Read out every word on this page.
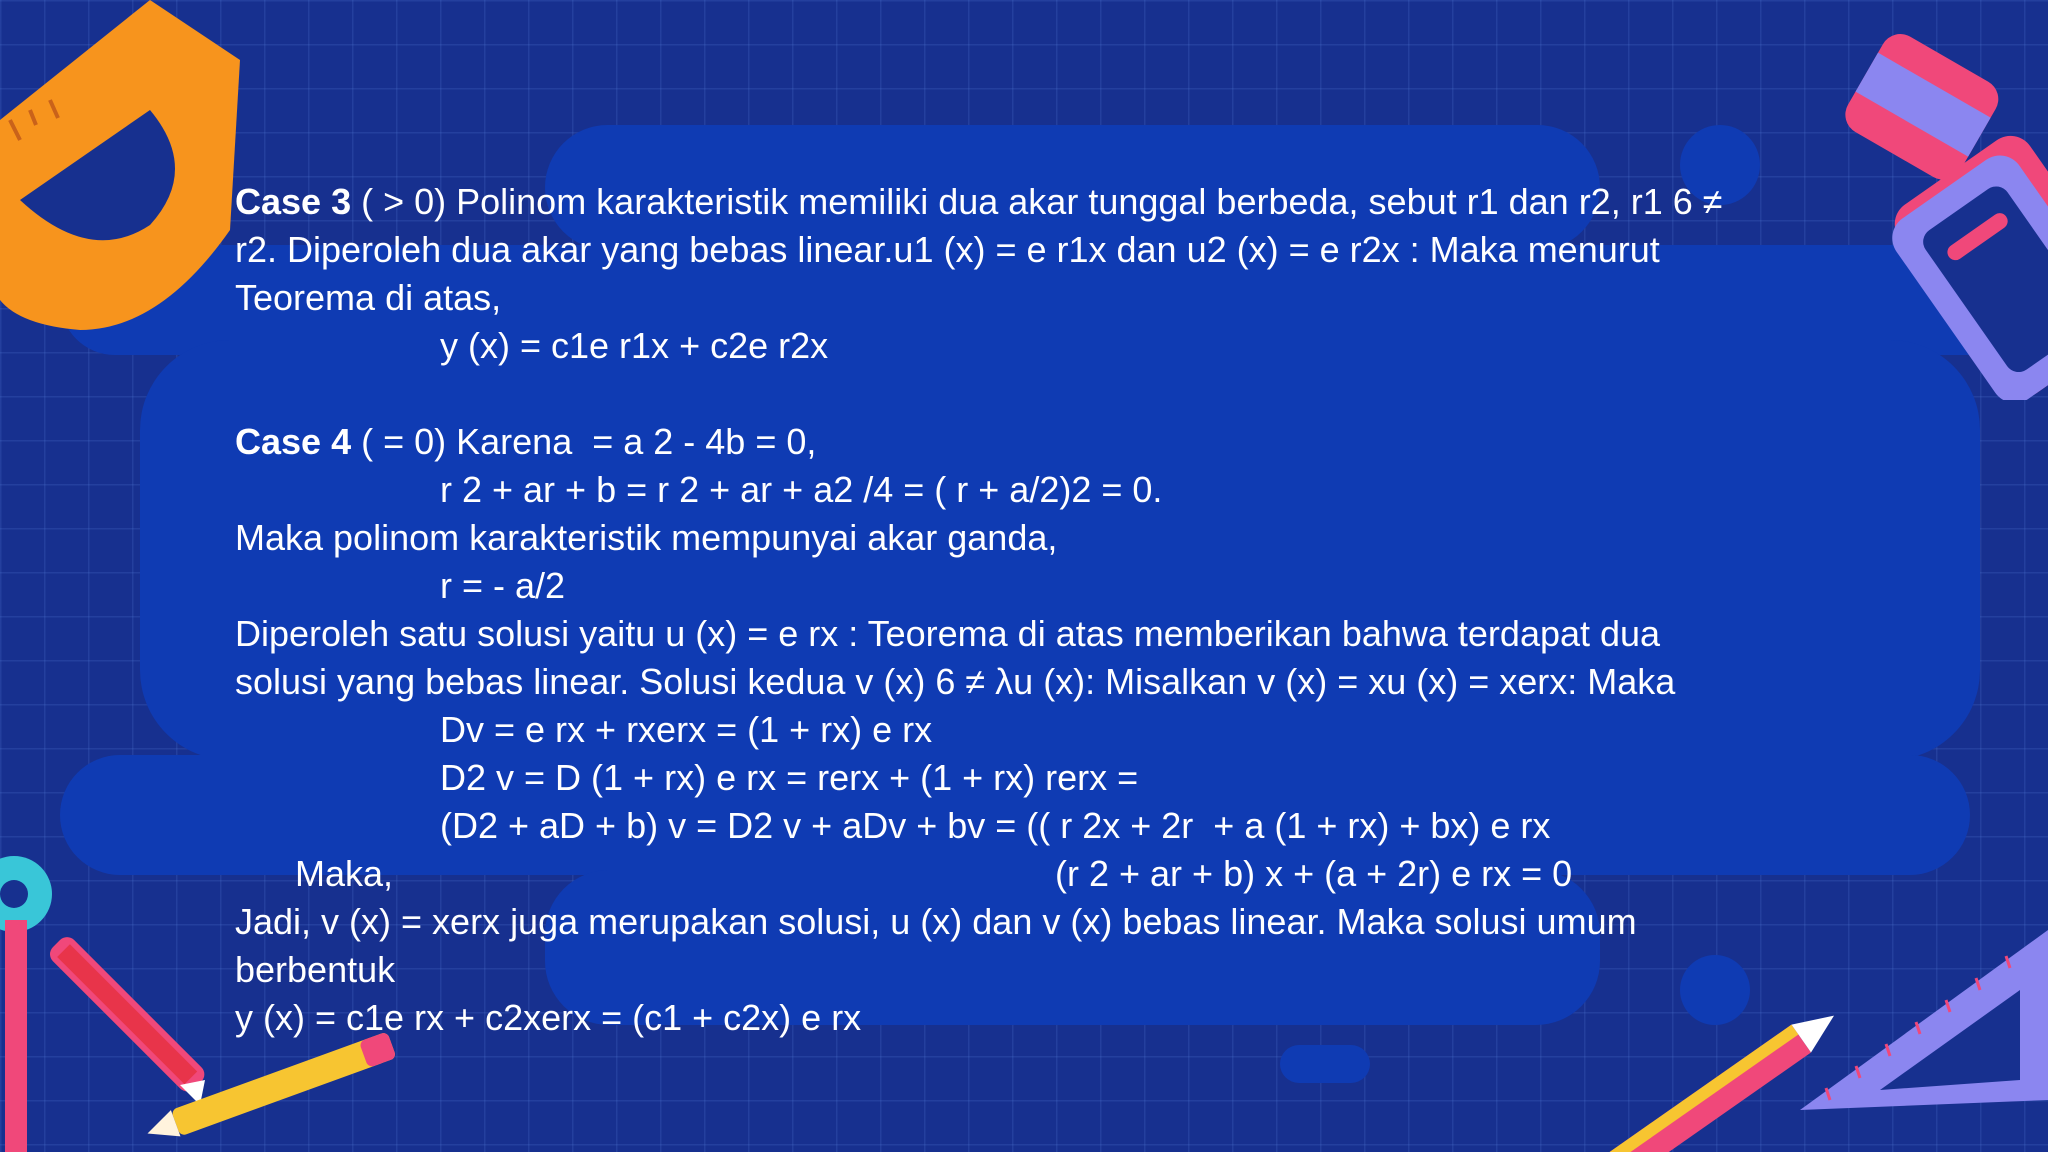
Case 3 ( > 0) Polinom karakteristik memiliki dua akar tunggal berbeda, sebut r1 dan r2, r1 6 ≠
r2. Diperoleh dua akar yang bebas linear.u1 (x) = e r1x dan u2 (x) = e r2x : Maka menurut
Teorema di atas,
y (x) = c1e r1x + c2e r2x
Case 4 ( = 0) Karena  = a 2 - 4b = 0,
r 2 + ar + b = r 2 + ar + a2 /4 = ( r + a/2)2 = 0.
Maka polinom karakteristik mempunyai akar ganda,
r = - a/2
Diperoleh satu solusi yaitu u (x) = e rx : Teorema di atas memberikan bahwa terdapat dua
solusi yang bebas linear. Solusi kedua v (x) 6 ≠ λu (x): Misalkan v (x) = xu (x) = xerx: Maka
Dv = e rx + rxerx = (1 + rx) e rx
D2 v = D (1 + rx) e rx = rerx + (1 + rx) rerx =

Maka,

(D2 + aD + b) v = D2 v + aDv + bv = (( r 2x + 2r  + a (1 + rx) + bx) e rx

(r 2 + ar + b) x + (a + 2r) e rx = 0
Jadi, v (x) = xerx juga merupakan solusi, u (x) dan v (x) bebas linear. Maka solusi umum
berbentuk
y (x) = c1e rx + c2xerx = (c1 + c2x) e rx
